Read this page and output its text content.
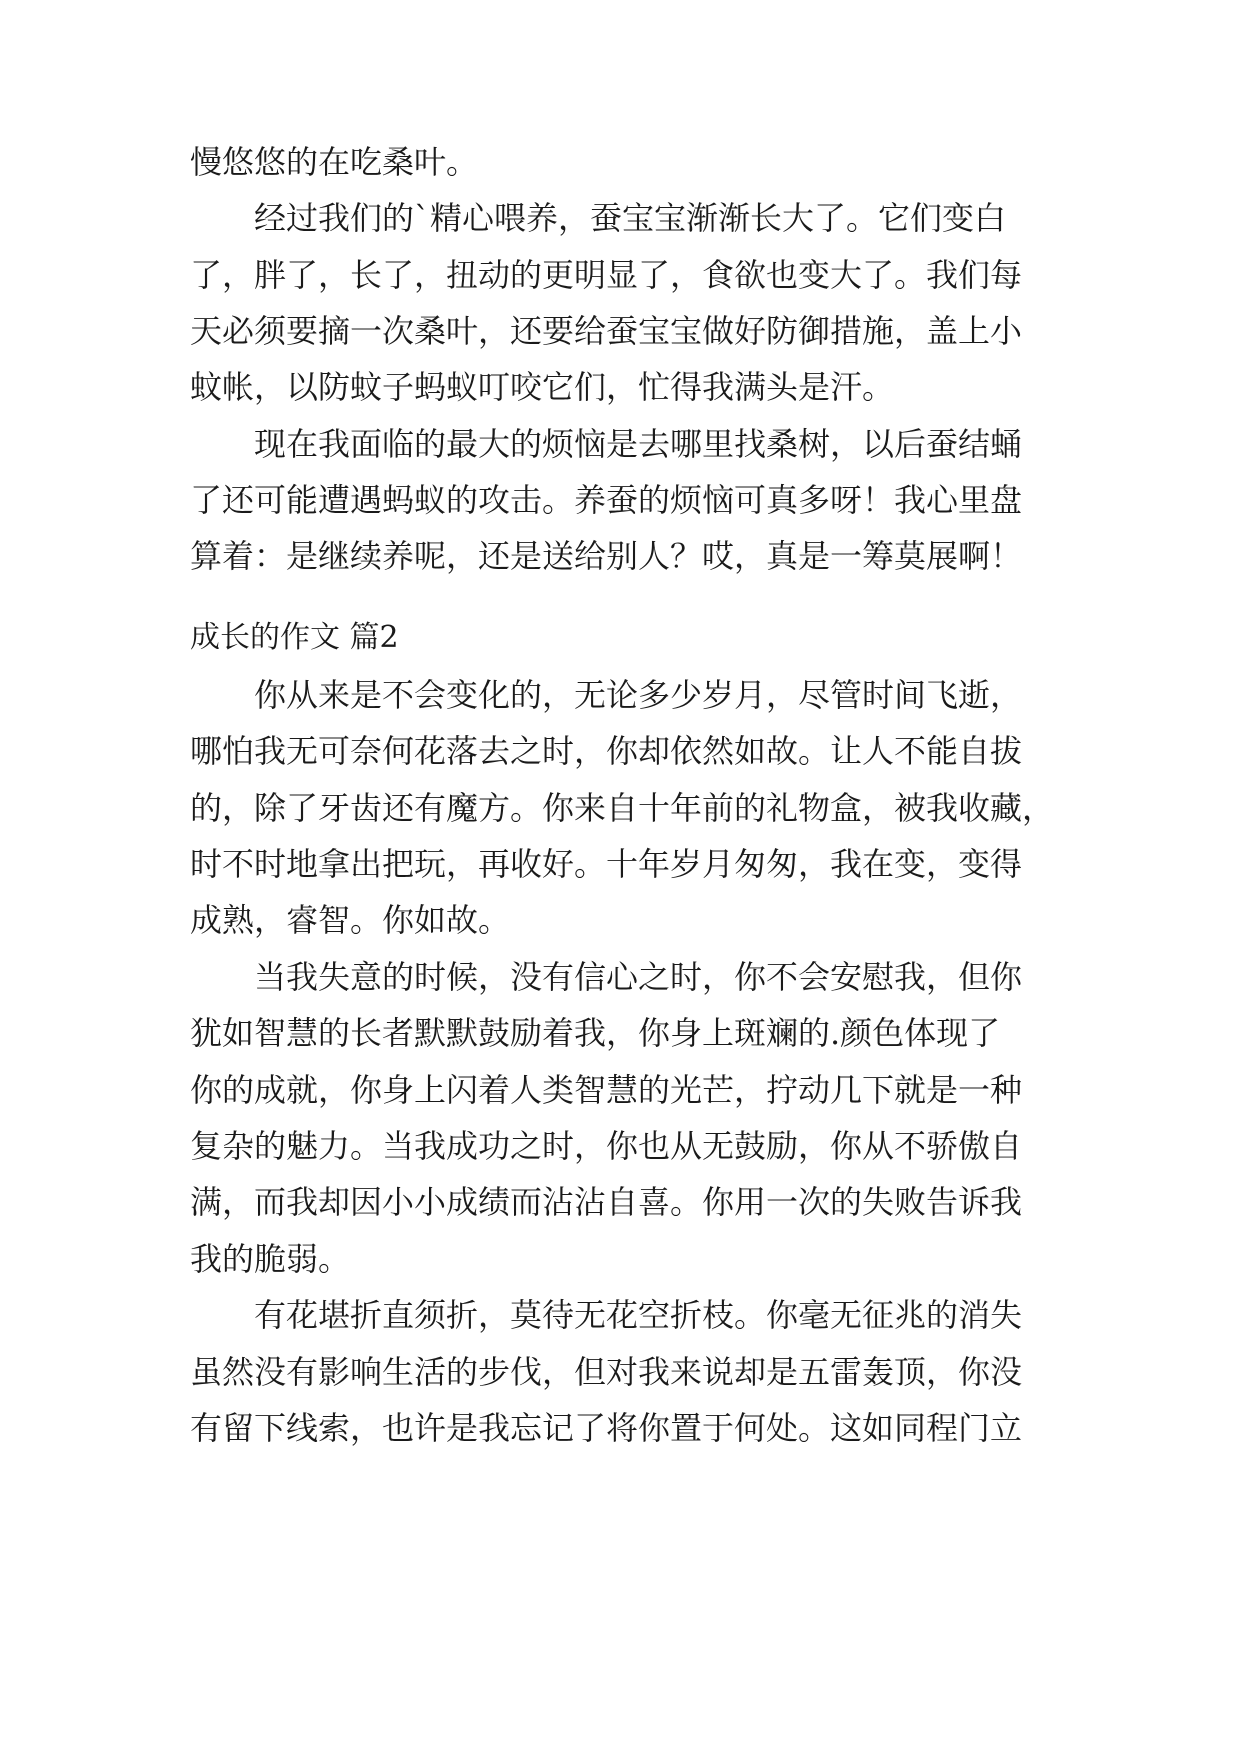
慢悠悠的在吃桑叶。
经过我们的`精心喂养，蚕宝宝渐渐长大了。它们变白
了，胖了，长了，扭动的更明显了，食欲也变大了。我们每
天必须要摘一次桑叶，还要给蚕宝宝做好防御措施，盖上小
蚊帐，以防蚊子蚂蚁叮咬它们，忙得我满头是汗。
现在我面临的最大的烦恼是去哪里找桑树，以后蚕结蛹
了还可能遭遇蚂蚁的攻击。养蚕的烦恼可真多呀！我心里盘
算着：是继续养呢，还是送给别人？哎，真是一筹莫展啊！
成长的作文 篇2
你从来是不会变化的，无论多少岁月，尽管时间飞逝，
哪怕我无可奈何花落去之时，你却依然如故。让人不能自拔
的，除了牙齿还有魔方。你来自十年前的礼物盒，被我收藏，
时不时地拿出把玩，再收好。十年岁月匆匆，我在变，变得
成熟，睿智。你如故。
当我失意的时候，没有信心之时，你不会安慰我，但你
犹如智慧的长者默默鼓励着我，你身上斑斓的.颜色体现了
你的成就，你身上闪着人类智慧的光芒，拧动几下就是一种
复杂的魅力。当我成功之时，你也从无鼓励，你从不骄傲自
满，而我却因小小成绩而沾沾自喜。你用一次的失败告诉我
我的脆弱。
有花堪折直须折，莫待无花空折枝。你毫无征兆的消失
虽然没有影响生活的步伐，但对我来说却是五雷轰顶，你没
有留下线索，也许是我忘记了将你置于何处。这如同程门立
